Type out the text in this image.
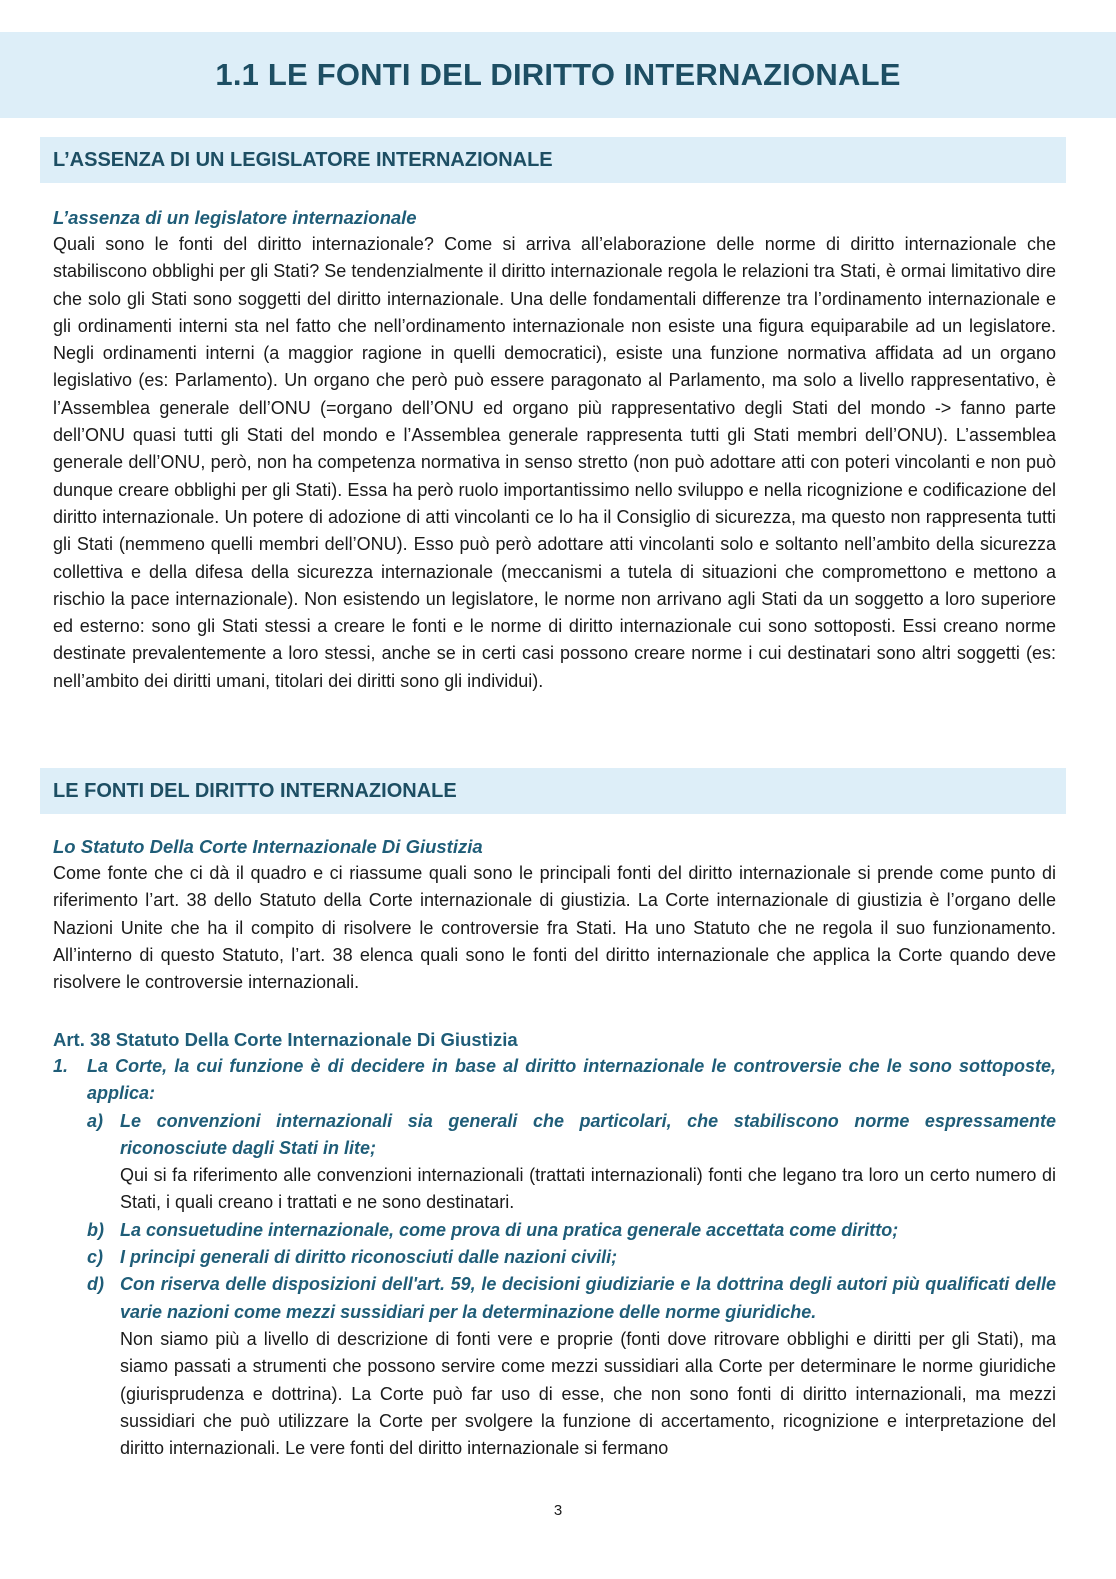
1.1 LE FONTI DEL DIRITTO INTERNAZIONALE
L’ASSENZA DI UN LEGISLATORE INTERNAZIONALE

L’assenza di un legislatore internazionale

Quali sono le fonti del diritto internazionale? Come si arriva all’elaborazione delle norme di diritto internazionale che stabiliscono obblighi per gli Stati? Se tendenzialmente il diritto internazionale regola le relazioni tra Stati, è ormai limitativo dire che solo gli Stati sono soggetti del diritto internazionale. Una delle fondamentali differenze tra l’ordinamento internazionale e gli ordinamenti interni sta nel fatto che nell’ordinamento internazionale non esiste una figura equiparabile ad un legislatore. Negli ordinamenti interni (a maggior ragione in quelli democratici), esiste una funzione normativa affidata ad un organo legislativo (es: Parlamento). Un organo che però può essere paragonato al Parlamento, ma solo a livello rappresentativo, è l’Assemblea generale dell’ONU (=organo dell’ONU ed organo più rappresentativo degli Stati del mondo -> fanno parte dell’ONU quasi tutti gli Stati del mondo e l’Assemblea generale rappresenta tutti gli Stati membri dell’ONU). L’assemblea generale dell’ONU, però, non ha competenza normativa in senso stretto (non può adottare atti con poteri vincolanti e non può dunque creare obblighi per gli Stati). Essa ha però ruolo importantissimo nello sviluppo e nella ricognizione e codificazione del diritto internazionale. Un potere di adozione di atti vincolanti ce lo ha il Consiglio di sicurezza, ma questo non rappresenta tutti gli Stati (nemmeno quelli membri dell’ONU). Esso può però adottare atti vincolanti solo e soltanto nell’ambito della sicurezza collettiva e della difesa della sicurezza internazionale (meccanismi a tutela di situazioni che compromettono e mettono a rischio la pace internazionale). Non esistendo un legislatore, le norme non arrivano agli Stati da un soggetto a loro superiore ed esterno: sono gli Stati stessi a creare le fonti e le norme di diritto internazionale cui sono sottoposti. Essi creano norme destinate prevalentemente a loro stessi, anche se in certi casi possono creare norme i cui destinatari sono altri soggetti (es: nell’ambito dei diritti umani, titolari dei diritti sono gli individui).

LE FONTI DEL DIRITTO INTERNAZIONALE

Lo Statuto Della Corte Internazionale Di Giustizia

Come fonte che ci dà il quadro e ci riassume quali sono le principali fonti del diritto internazionale si prende come punto di riferimento l’art. 38 dello Statuto della Corte internazionale di giustizia. La Corte internazionale di giustizia è l’organo delle Nazioni Unite che ha il compito di risolvere le controversie fra Stati. Ha uno Statuto che ne regola il suo funzionamento. All’interno di questo Statuto, l’art. 38 elenca quali sono le fonti del diritto internazionale che applica la Corte quando deve risolvere le controversie internazionali.

Art. 38 Statuto Della Corte Internazionale Di Giustizia

1.	La Corte, la cui funzione è di decidere in base al diritto internazionale le controversie che le sono sottoposte, applica:
a) Le convenzioni internazionali sia generali che particolari, che stabiliscono norme espressamente riconosciute dagli Stati in lite;
Qui si fa riferimento alle convenzioni internazionali (trattati internazionali) fonti che legano tra loro un certo numero di Stati, i quali creano i trattati e ne sono destinatari.
b) La consuetudine internazionale, come prova di una pratica generale accettata come diritto;
c) I principi generali di diritto riconosciuti dalle nazioni civili;
d) Con riserva delle disposizioni dell'art. 59, le decisioni giudiziarie e la dottrina degli autori più qualificati delle varie nazioni come mezzi sussidiari per la determinazione delle norme giuridiche.
Non siamo più a livello di descrizione di fonti vere e proprie (fonti dove ritrovare obblighi e diritti per gli Stati), ma siamo passati a strumenti che possono servire come mezzi sussidiari alla Corte per determinare le norme giuridiche (giurisprudenza e dottrina). La Corte può far uso di esse, che non sono fonti di diritto internazionali, ma mezzi sussidiari che può utilizzare la Corte per svolgere la funzione di accertamento, ricognizione e interpretazione del diritto internazionali. Le vere fonti del diritto internazionale si fermano
3
